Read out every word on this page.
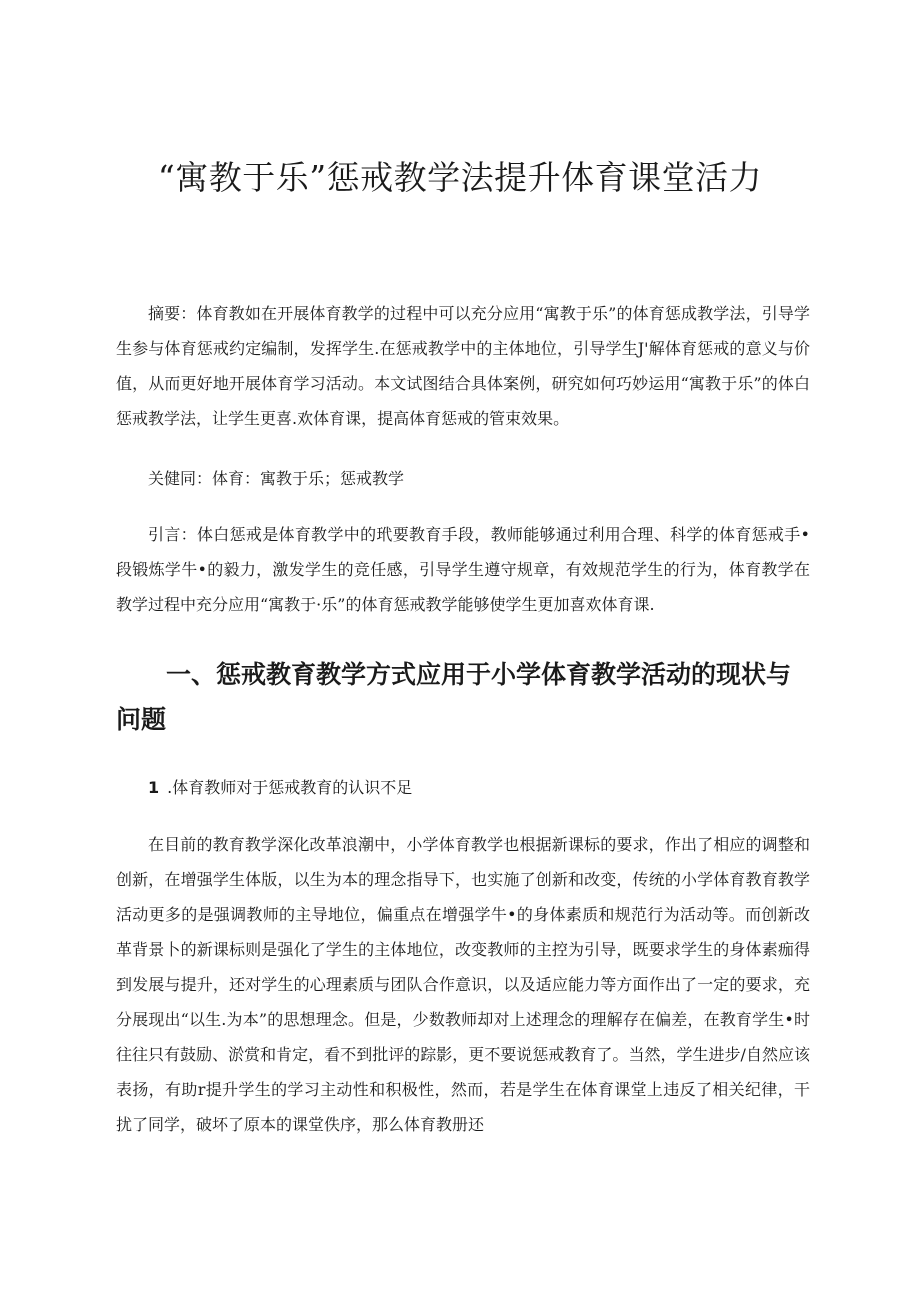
“寓教于乐”惩戒教学法提升体育课堂活力

摘要：体育教如在开展体育教学的过程中可以充分应用“寓教于乐”的体育惩成教学法，引导学生参与体育惩戒约定编制，发挥学生.在惩戒教学中的主体地位，引导学生J'解体育惩戒的意义与价值，从而更好地开展体育学习活动。本文试图结合具体案例，研究如何巧妙运用“寓教于乐”的体白惩戒教学法，让学生更喜.欢体育课，提高体育惩戒的管束效果。

关健同：体育：寓教于乐；惩戒教学

引言：体白惩戒是体育教学中的玳要教育手段，教师能够通过利用合理、科学的体育惩戒手•段锻炼学牛•的毅力，激发学生的竞任感，引导学生遵守规章，有效规范学生的行为，体育教学在教学过程中充分应用“寓教于·乐”的体育惩戒教学能够使学生更加喜欢体育课.

一、惩戒教育教学方式应用于小学体育教学活动的现状与问题

1 .体育教师对于惩戒教育的认识不足

在目前的教育教学深化改革浪潮中，小学体育教学也根据新课标的要求，作出了相应的调整和创新，在增强学生体版，以生为本的理念指导下，也实施了创新和改变，传统的小学体育教育教学活动更多的是强调教师的主导地位，偏重点在增强学牛•的身体素质和规范行为活动等。而创新改革背景卜的新课标则是强化了学生的主体地位，改变教师的主控为引导，既要求学生的身体素痂得到发展与提升，还对学生的心理素质与团队合作意识，以及适应能力等方面作出了一定的要求，充分展现出“以生.为本”的思想理念。但是，少数教师却对上述理念的理解存在偏差，在教育学生•时往往只有鼓励、淤赏和肯定，看不到批评的踪影，更不要说惩戒教育了。当然，学生进步/自然应该表扬，有助r提升学生的学习主动性和积极性，然而，若是学生在体育课堂上违反了相关纪律，干扰了同学，破坏了原本的课堂佚序，那么体育教册还
